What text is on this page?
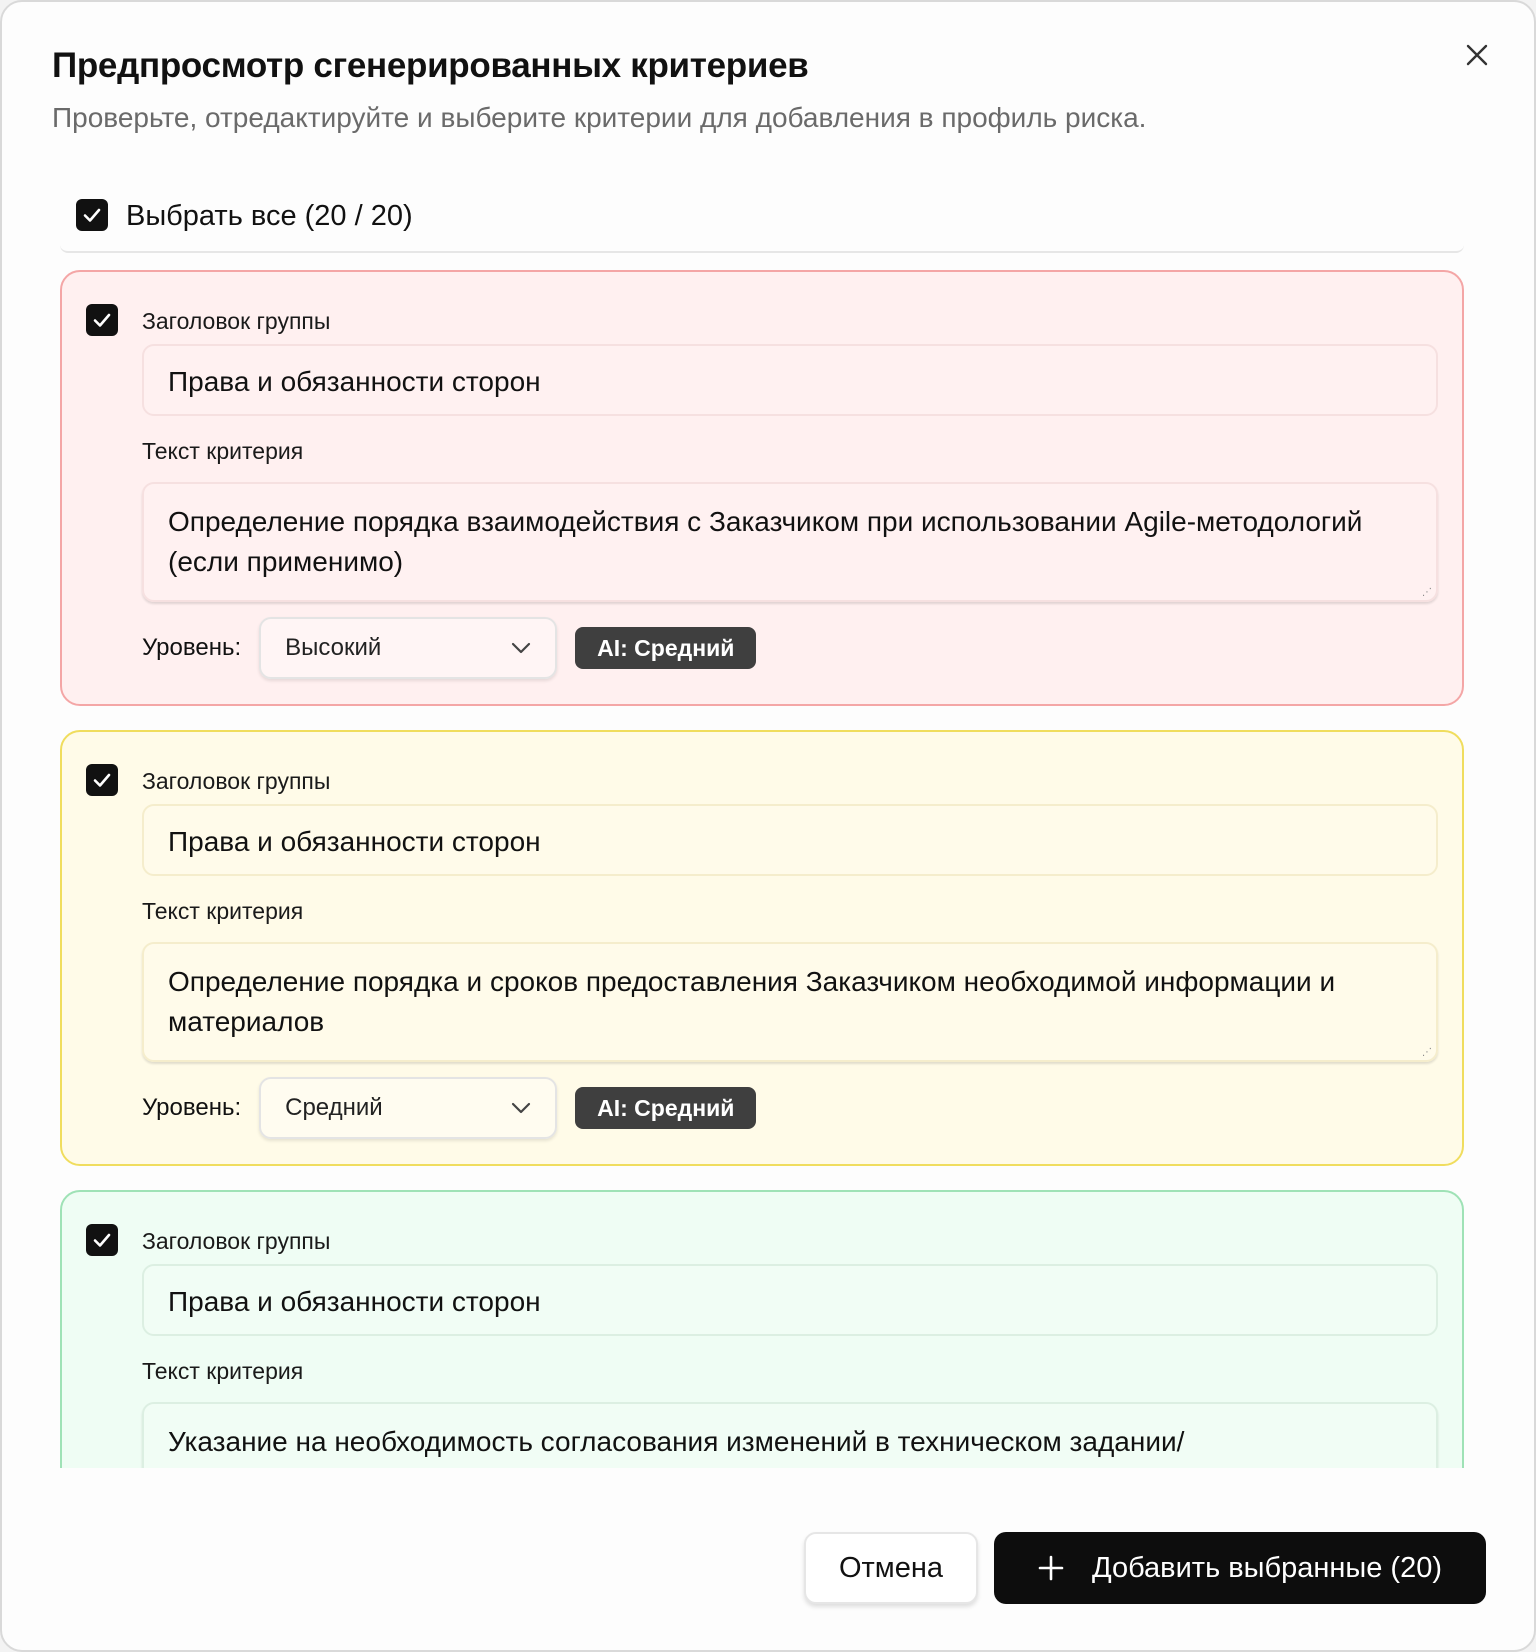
Предпросмотр сгенерированных критериев
Проверьте, отредактируйте и выберите критерии для добавления в профиль риска.
Выбрать все (20 / 20)
Заголовок группы
Права и обязанности сторон
Текст критерия
Определение порядка взаимодействия с Заказчиком при использовании Agile-методологий (если применимо)
⋰
Уровень: Высокий	AI: Средний
Заголовок группы
Права и обязанности сторон
Текст критерия
Определение порядка и сроков предоставления Заказчиком необходимой информации и материалов
⋰
Уровень: Средний	AI: Средний
Заголовок группы
Права и обязанности сторон
Текст критерия
Указание на необходимость согласования изменений в техническом задании/
Отмена	Добавить выбранные (20)
